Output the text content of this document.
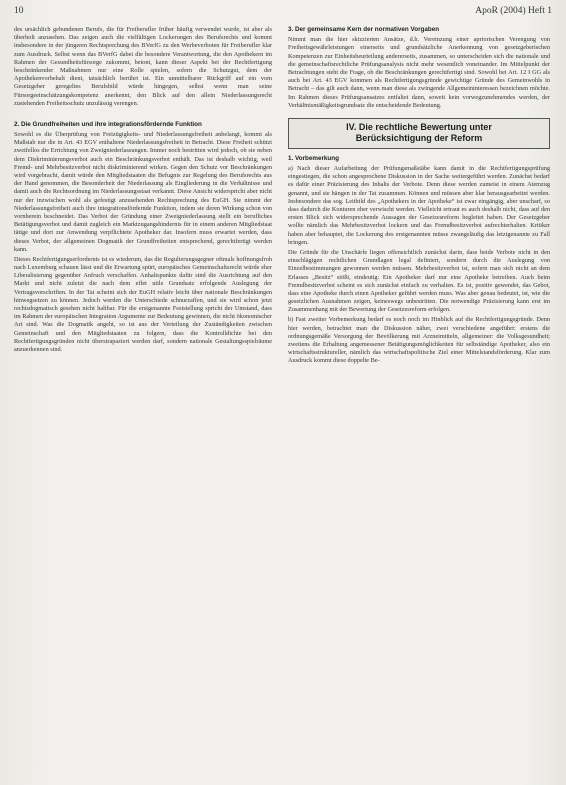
10	ApoR (2004) Heft 1

des ursächlich gebundenen Berufs, die für Freiberufler früher häufig verwendet wurde, ist aber als überholt anzusehen. Das zeigen auch die vielfältigen Lockerungen des Berufsrechts und kommt insbesondere in der jüngeren Rechtsprechung des BVerfG zu den Werbeverboten für Freiberufler klar zum Ausdruck. Selbst wenn das BVerfG dabei die besondere Verantwortung, die den Apothekern im Rahmen der Gesundheitsfürsorge zukommt, betont, kann dieser Aspekt bei der Rechtfertigung beschränkender Maßnahmen nur eine Rolle spielen, sofern die Schutzgut, dem der Apothekenvorbehalt dient, tatsächlich berührt ist. Ein unmittelbarer Rückgriff auf ein vom Gesetzgeber geregeltes Berufsbild würde hingegen, selbst wenn man seine Fürsorgeeinschätzungskompetenz anerkennt, den Blick auf den allein Niederlassungsrecht zustehenden Freiheitsschutz unzulässig verengen.

2. Die Grundfreiheiten und ihre integrationsfördernde Funktion

Sowohl es die Überprüfung von Freizügigkeits- und Niederlassungsfreiheit anbelangt, kommt als Maßstab nur die in Art. 43 EGV enthaltene Niederlassungsfreiheit in Betracht. Diese Freiheit schützt zweifellos die Errichtung von Zweigniederlassungen. Immer noch bestritten wird jedoch, ob sie neben dem Diskriminierungsverbot auch ein Beschränkungsverbot enthält. Das ist deshalb wichtig, weil Fremd- und Mehrbesitzverbot nicht diskriminierend wirken. Gegen den Schutz vor Beschränkungen wird vorgebracht, damit würde den Mitgliedstaaten die Befugnis zur Regelung des Berufsrechts aus der Hand genommen, die Besonderheit der Niederlassung als Eingliederung in die Verhältnisse und damit auch die Rechtsordnung im Niederlassungsstaat verkannt. Diese Ansicht widerspricht aber nicht nur der inzwischen wohl als gefestigt anzusehenden Rechtsprechung des EuGH. Sie nimmt der Niederlassungsfreiheit auch ihre integrationsfördernde Funktion, indem sie deren Wirkung schon von vornherein beschneidet. Das Verbot der Gründung einer Zweigniederlassung stellt ein berufliches Betätigungsverbot und damit zugleich ein Marktzugangshindernis für in einem anderen Mitgliedstaat tätige und dort zur Anwendung verpflichtete Apotheker dar. Insofern muss erwartet werden, dass dieses Verbot, der allgemeinen Dogmatik der Grundfreiheiten entsprechend, gerechtfertigt werden kann.

Dieses Rechtfertigungserfordernis ist es wiederum, das die Regulierungsgegner oftmals hoffnungsfroh nach Luxemburg schauen lässt und die Erwartung spürt, europäisches Gemeinschaftsrecht würde eher Liberalisierung gegenüber Anfruch verschaffen. Anhaltspunkte dafür sind die Ausrichtung auf den Markt und nicht zuletzt die nach dem effet utile Grundsatz erfolgende Auslegung der Vertragsvorschriften. In der Tat scheint sich der EuGH relativ leicht über nationale Beschränkungen hinwegsetzen zu können. Jedoch werden die Unterschiede schnurzaffen, und sie wird schon jetzt rechtsdogmatisch gesehen nicht haltbar. Für die erstgenannte Feststellung spricht der Umstand, dass im Rahmen der europäischen Integration Argumente zur Bedeutung gewinnen, die nicht ökonomischer Art sind. Was die Dogmatik angeht, so ist aus der Verteilung der Zuständigkeiten zwischen Gemeinschaft und den Mitgliedstaaten zu folgern, dass die Kontrolldichte bei den Rechtfertigungsgründen nicht überstrapaziert werden darf, sondern nationale Gestaltungsspielräume anzuerkennen sind.

3. Der gemeinsame Kern der normativen Vorgaben

Nimmt man die hier skizzierten Ansätze, d.h. Vereinzung einer apriorischen Verengung von Freiheitsgewährleistungen einerseits und grundsätzliche Anerkennung von gesetzgeberischen Kompetenzen zur Einheitsbeurteilung andererseits, zusammen, so unterscheiden sich die nationale und die gemeinschaftsrechtliche Prüfungsanalysis nicht mehr wesentlich voneinander. Im Mittelpunkt der Betrachtungen steht die Frage, ob die Beschränkungen gerechtfertigt sind. Sowohl bei Art. 12 I GG als auch bei Art. 43 EGV kommen als Rechtfertigungsgründe gewichtige Gründe des Gemeinwohls in Betracht – das gilt auch dann, wenn man diese als zwingende Allgemeininteressen bezeichnen möchte. Im Rahmen dieses Prüfungsansatzes entfaltet dann, soweit kein vorwegzunehmendes werden, der Verhältnismäßigkeitsgrundsatz die entscheidende Bedeutung.

IV. Die rechtliche Bewertung unter
Berücksichtigung der Reform
1. Vorbemerkung

a) Nach dieser Aufarbeitung der Prüfungsmaßstäbe kann damit in die Rechtfertigungsprüfung eingestiegen, die schon angesprochene Diskussion in der Sache weitergeführt werden. Zunächst bedarf es dafür einer Präzisierung des Inhalts der Verbote. Denn diese werden zumeist in einem Atemzug genannt, und sie hängen in der Tat zusammen. Können und müssen aber klar herausgearbeitet werden. Insbesondere das sog. Leitbild des „Apothekers in der Apotheke“ ist zwar eingängig, aber unscharf, so dass dadurch die Konturen eher verwischt werden. Vielleicht ertraut es auch deshalb nicht, dass auf den ersten Blick sich widersprechende Aussagen der Gesetzesreform begleitet haben. Der Gesetzgeber wollte nämlich das Mehrbesitzverbot lockern und das Fremdbesitzverbot aufrechterhalten. Kritiker haben aber behauptet, die Lockerung des erstgenannten müsse zwangsläufig das letztgenannte zu Fall bringen.

Die Gründe für die Unschärfe liegen offensichtlich zunächst darin, dass beide Verbote nicht in den einschlägigen rechtlichen Grundlagen legal definiert, sondern durch die Auslegung von Einzelbestimmungen gewonnen werden müssen. Mehrbesitzverbot ist, sofern man sich nicht an dem Erlasses „Besitz“ stößt, eindeutig: Ein Apotheker darf nur eine Apotheke betreiben. Auch beim Fremdbesitzverbot scheint es sich zunächst einfach zu verhalten. Es ist, positiv gewendet, das Gebot, dass eine Apotheke durch einen Apotheker geführt werden muss. Was aber genau bedeutet, ist, wie die gesetzlichen Ausnahmen zeigen, keineswegs unbestritten. Die notwendige Präzisierung kann erst im Zusammenhang mit der Bewertung der Gesetzesreform erfolgen.

b) Fast zweiter Vorbemerkung bedarf es noch noch im Hinblick auf die Rechtfertigungsgründe. Denn hier werden, betrachtet man die Diskussion näher, zwei verschiedene angeführt: erstens die ordnungsgemäße Versorgung der Bevölkerung mit Arzneimitteln, allgemeiner: die Volksgesundheit; zweitens die Erhaltung angemessener Betätigungsmöglichkeiten für selbständige Apotheker, also ein wirtschaftsstruktureller, nämlich das wirtschaftspolitische Ziel einer Mittelstandsförderung. Klar zum Ausdruck kommt diese doppelte Be-
